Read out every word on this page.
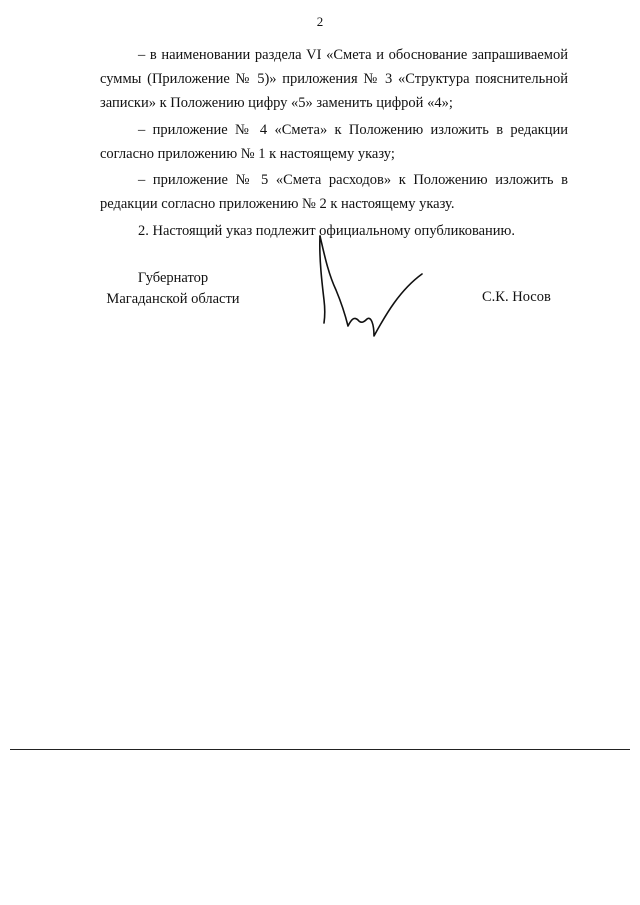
2

– в наименовании раздела VI «Смета и обоснование запрашиваемой суммы (Приложение № 5)» приложения № 3 «Структура пояснительной записки» к Положению цифру «5» заменить цифрой «4»;

– приложение № 4 «Смета» к Положению изложить в редакции согласно приложению № 1 к настоящему указу;

– приложение № 5 «Смета расходов» к Положению изложить в редакции согласно приложению № 2 к настоящему указу.

2. Настоящий указ подлежит официальному опубликованию.

Губернатор
Магаданской области	С.К. Носов
